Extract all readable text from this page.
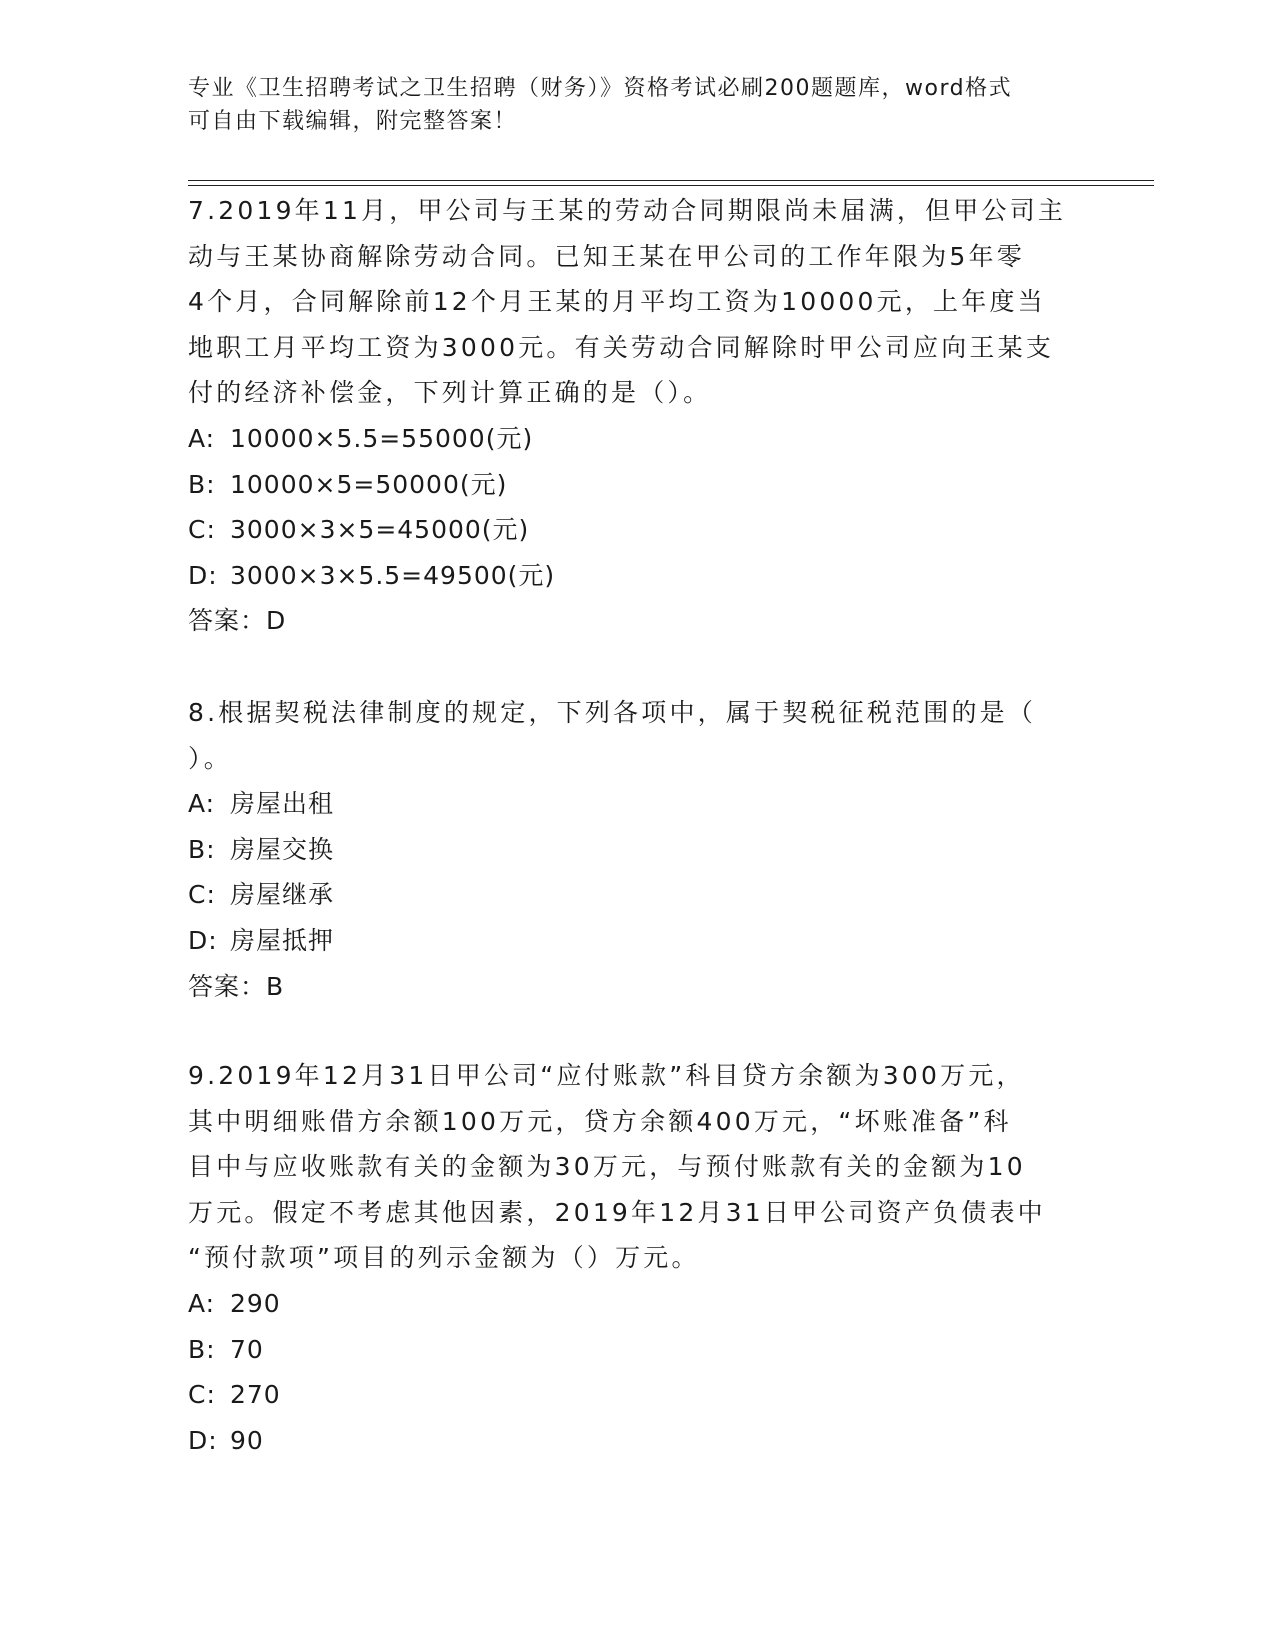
专业《卫生招聘考试之卫生招聘（财务）》资格考试必刷200题题库，word格式
可自由下载编辑，附完整答案！

7.2019年11月，甲公司与王某的劳动合同期限尚未届满，但甲公司主

动与王某协商解除劳动合同。已知王某在甲公司的工作年限为5年零

4个月，合同解除前12个月王某的月平均工资为10000元，上年度当

地职工月平均工资为3000元。有关劳动合同解除时甲公司应向王某支

付的经济补偿金，下列计算正确的是（）。

A: 10000×5.5=55000(元)

B: 10000×5=50000(元)

C: 3000×3×5=45000(元)

D: 3000×3×5.5=49500(元)

答案：D

8.根据契税法律制度的规定，下列各项中，属于契税征税范围的是（

）。

A: 房屋出租

B: 房屋交换

C: 房屋继承

D: 房屋抵押

答案：B

9.2019年12月31日甲公司“应付账款”科目贷方余额为300万元，

其中明细账借方余额100万元，贷方余额400万元，“坏账准备”科

目中与应收账款有关的金额为30万元，与预付账款有关的金额为10

万元。假定不考虑其他因素，2019年12月31日甲公司资产负债表中

“预付款项”项目的列示金额为（）万元。

A: 290

B: 70

C: 270

D: 90
